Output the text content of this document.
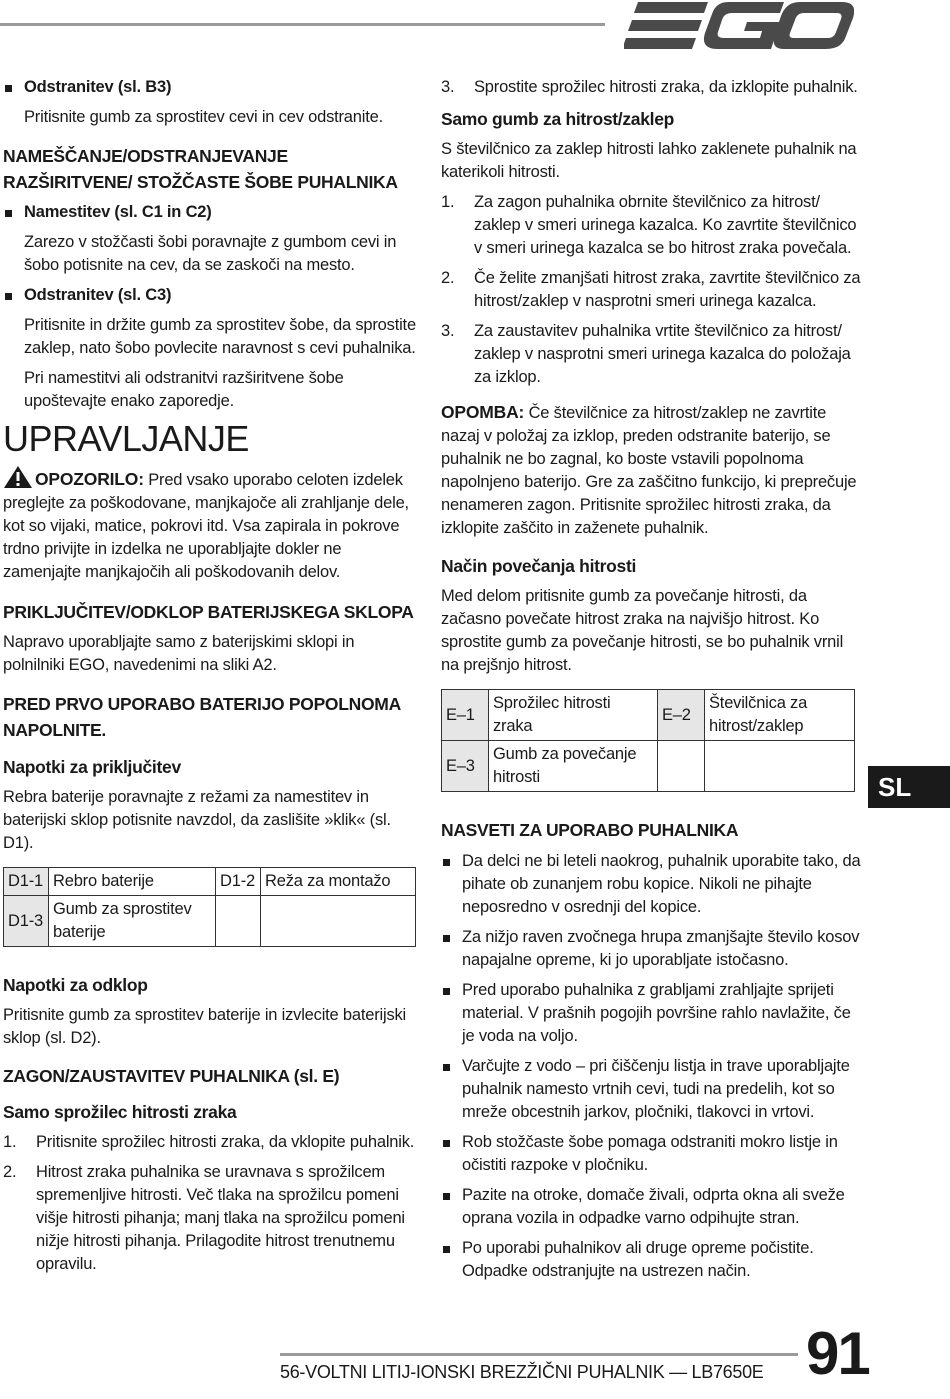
Odstranitev (sl. B3)

Pritisnite gumb za sprostitev cevi in cev odstranite.

NAMEŠČANJE/ODSTRANJEVANJE RAZŠIRITVENE/ STOŽČASTE ŠOBE PUHALNIKA

Namestitev (sl. C1 in C2)

Zarezo v stožčasti šobi poravnajte z gumbom cevi in šobo potisnite na cev, da se zaskoči na mesto.

Odstranitev (sl. C3)

Pritisnite in držite gumb za sprostitev šobe, da sprostite zaklep, nato šobo povlecite naravnost s cevi puhalnika.

Pri namestitvi ali odstranitvi razširitvene šobe upoštevajte enako zaporedje.

UPRAVLJANJE

OPOZORILO: Pred vsako uporabo celoten izdelek preglejte za poškodovane, manjkajoče ali zrahljanje dele, kot so vijaki, matice, pokrovi itd. Vsa zapirala in pokrove trdno privijte in izdelka ne uporabljajte dokler ne zamenjajte manjkajočih ali poškodovanih delov.

PRIKLJUČITEV/ODKLOP BATERIJSKEGA SKLOPA

Napravo uporabljajte samo z baterijskimi sklopi in polnilniki EGO, navedenimi na sliki A2.

PRED PRVO UPORABO BATERIJO POPOLNOMA NAPOLNITE.

Napotki za priključitev

Rebra baterije poravnajte z režami za namestitev in baterijski sklop potisnite navzdol, da zaslišite »klik« (sl. D1).

D1-1	Rebro baterije	D1-2	Reža za montažo
D1-3	Gumb za sprostitev baterije		

Napotki za odklop

Pritisnite gumb za sprostitev baterije in izvlecite baterijski sklop (sl. D2).

ZAGON/ZAUSTAVITEV PUHALNIKA (sl. E)

Samo sprožilec hitrosti zraka

1. Pritisnite sprožilec hitrosti zraka, da vklopite puhalnik.

2. Hitrost zraka puhalnika se uravnava s sprožilcem spremenljive hitrosti. Več tlaka na sprožilcu pomeni višje hitrosti pihanja; manj tlaka na sprožilcu pomeni nižje hitrosti pihanja. Prilagodite hitrost trenutnemu opravilu.

3. Sprostite sprožilec hitrosti zraka, da izklopite puhalnik.

Samo gumb za hitrost/zaklep

S številčnico za zaklep hitrosti lahko zaklenete puhalnik na katerikoli hitrosti.

1. Za zagon puhalnika obrnite številčnico za hitrost/ zaklep v smeri urinega kazalca. Ko zavrtite številčnico v smeri urinega kazalca se bo hitrost zraka povečala.

2. Če želite zmanjšati hitrost zraka, zavrtite številčnico za hitrost/zaklep v nasprotni smeri urinega kazalca.

3. Za zaustavitev puhalnika vrtite številčnico za hitrost/ zaklep v nasprotni smeri urinega kazalca do položaja za izklop.

OPOMBA: Če številčnice za hitrost/zaklep ne zavrtite nazaj v položaj za izklop, preden odstranite baterijo, se puhalnik ne bo zagnal, ko boste vstavili popolnoma napolnjeno baterijo. Gre za zaščitno funkcijo, ki preprečuje nenameren zagon. Pritisnite sprožilec hitrosti zraka, da izklopite zaščito in zaženete puhalnik.

Način povečanja hitrosti

Med delom pritisnite gumb za povečanje hitrosti, da začasno povečate hitrost zraka na najvišjo hitrost. Ko sprostite gumb za povečanje hitrosti, se bo puhalnik vrnil na prejšnjo hitrost.

E–1	Sprožilec hitrosti zraka	E–2	Številčnica za hitrost/zaklep
E–3	Gumb za povečanje hitrosti		

NASVETI ZA UPORABO PUHALNIKA

Da delci ne bi leteli naokrog, puhalnik uporabite tako, da pihate ob zunanjem robu kopice. Nikoli ne pihajte neposredno v osrednji del kopice.

Za nižjo raven zvočnega hrupa zmanjšajte število kosov napajalne opreme, ki jo uporabljate istočasno.

Pred uporabo puhalnika z grabljami zrahljajte sprijeti material. V prašnih pogojih površine rahlo navlažite, če je voda na voljo.

Varčujte z vodo – pri čiščenju listja in trave uporabljajte puhalnik namesto vrtnih cevi, tudi na predelih, kot so mreže obcestnih jarkov, pločniki, tlakovci in vrtovi.

Rob stožčaste šobe pomaga odstraniti mokro listje in očistiti razpoke v pločniku.

Pazite na otroke, domače živali, odprta okna ali sveže oprana vozila in odpadke varno odpihujte stran.

Po uporabi puhalnikov ali druge opreme počistite. Odpadke odstranjujte na ustrezen način.

SL
56-VOLTNI LITIJ-IONSKI BREZŽIČNI PUHALNIK — LB7650E 91
